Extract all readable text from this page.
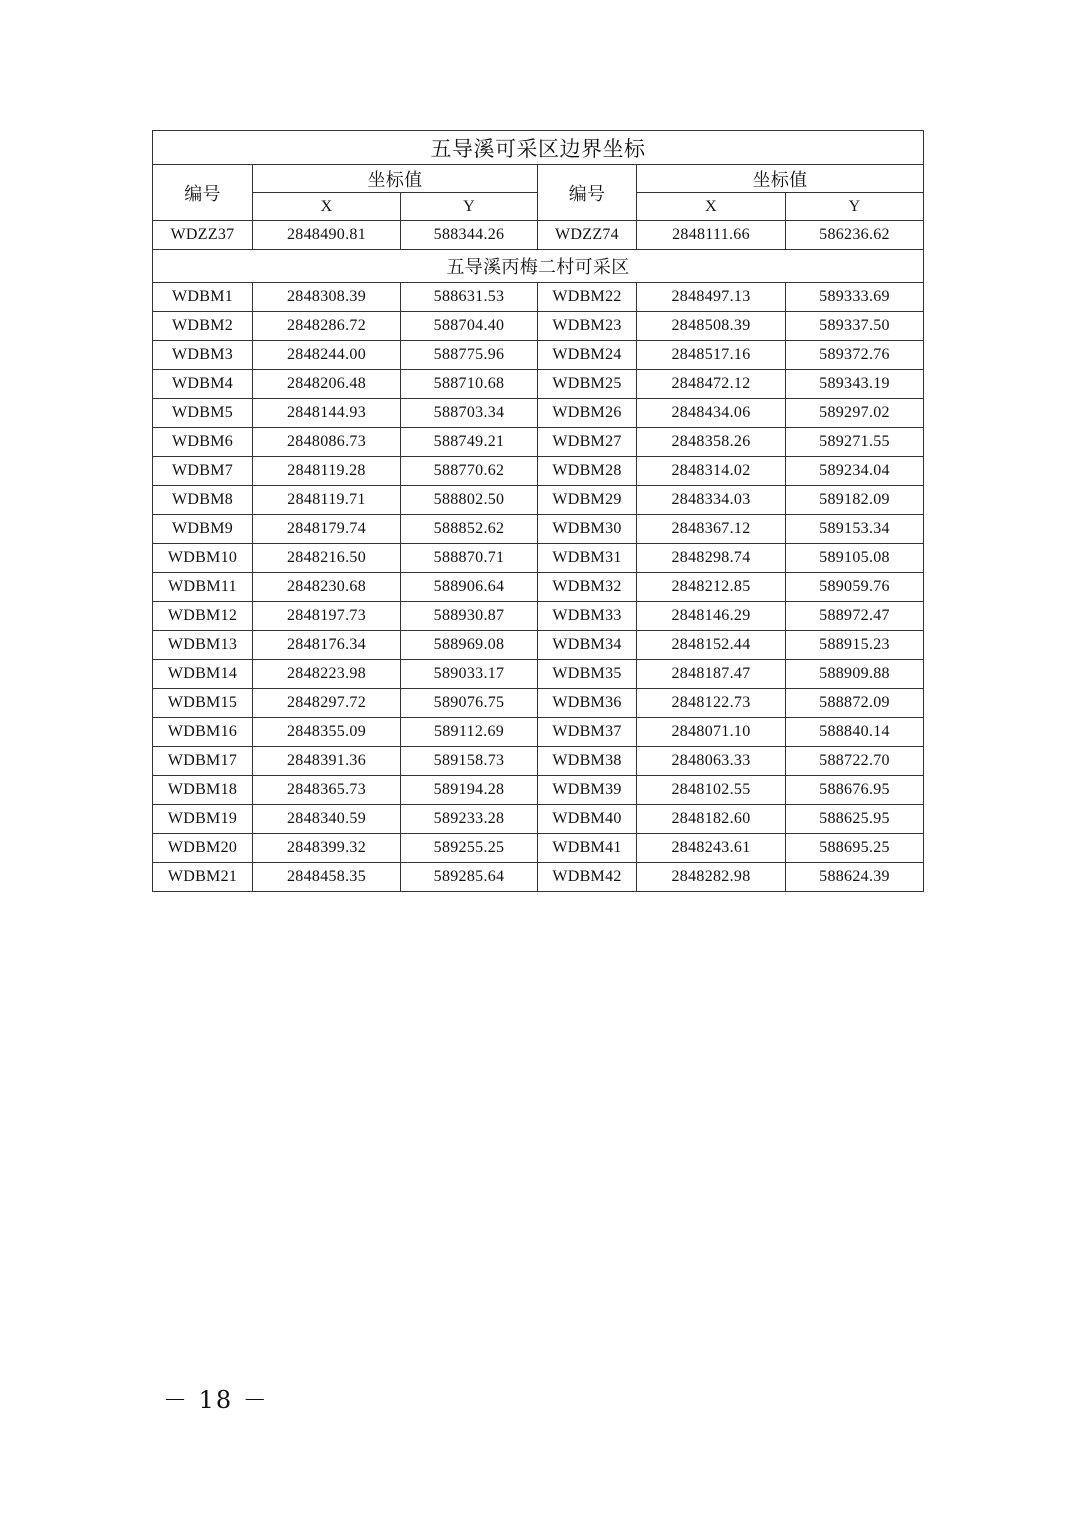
五导溪可采区边界坐标					
编号	坐标值		编号	坐标值	
	X	Y		X	Y
WDZZ37	2848490.81	588344.26	WDZZ74	2848111.66	586236.62
五导溪丙梅二村可采区					
WDBM1	2848308.39	588631.53	WDBM22	2848497.13	589333.69
WDBM2	2848286.72	588704.40	WDBM23	2848508.39	589337.50
WDBM3	2848244.00	588775.96	WDBM24	2848517.16	589372.76
WDBM4	2848206.48	588710.68	WDBM25	2848472.12	589343.19
WDBM5	2848144.93	588703.34	WDBM26	2848434.06	589297.02
WDBM6	2848086.73	588749.21	WDBM27	2848358.26	589271.55
WDBM7	2848119.28	588770.62	WDBM28	2848314.02	589234.04
WDBM8	2848119.71	588802.50	WDBM29	2848334.03	589182.09
WDBM9	2848179.74	588852.62	WDBM30	2848367.12	589153.34
WDBM10	2848216.50	588870.71	WDBM31	2848298.74	589105.08
WDBM11	2848230.68	588906.64	WDBM32	2848212.85	589059.76
WDBM12	2848197.73	588930.87	WDBM33	2848146.29	588972.47
WDBM13	2848176.34	588969.08	WDBM34	2848152.44	588915.23
WDBM14	2848223.98	589033.17	WDBM35	2848187.47	588909.88
WDBM15	2848297.72	589076.75	WDBM36	2848122.73	588872.09
WDBM16	2848355.09	589112.69	WDBM37	2848071.10	588840.14
WDBM17	2848391.36	589158.73	WDBM38	2848063.33	588722.70
WDBM18	2848365.73	589194.28	WDBM39	2848102.55	588676.95
WDBM19	2848340.59	589233.28	WDBM40	2848182.60	588625.95
WDBM20	2848399.32	589255.25	WDBM41	2848243.61	588695.25
WDBM21	2848458.35	589285.64	WDBM42	2848282.98	588624.39
－ 18 －
